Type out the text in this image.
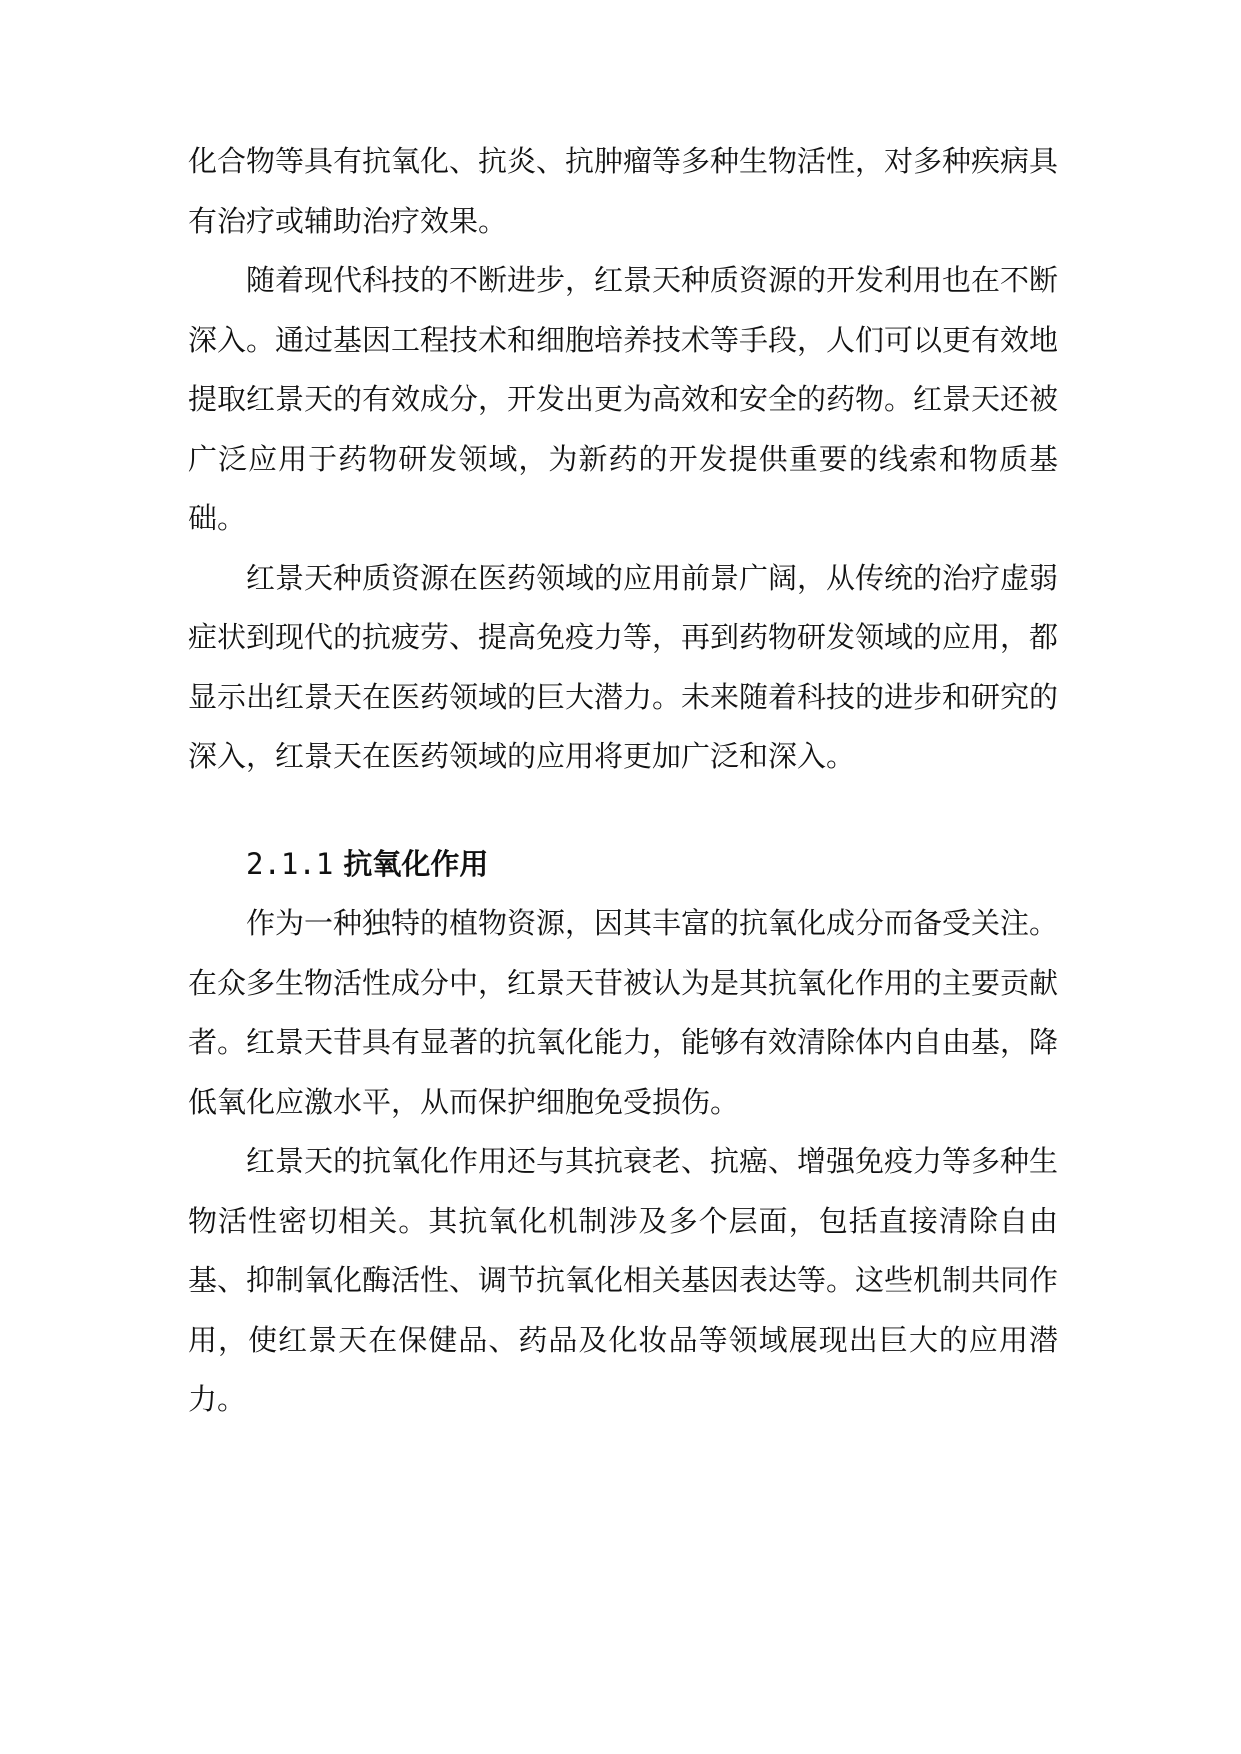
化合物等具有抗氧化、抗炎、抗肿瘤等多种生物活性，对多种疾病具有治疗或辅助治疗效果。

随着现代科技的不断进步，红景天种质资源的开发利用也在不断深入。通过基因工程技术和细胞培养技术等手段，人们可以更有效地提取红景天的有效成分，开发出更为高效和安全的药物。红景天还被广泛应用于药物研发领域，为新药的开发提供重要的线索和物质基础。

红景天种质资源在医药领域的应用前景广阔，从传统的治疗虚弱症状到现代的抗疲劳、提高免疫力等，再到药物研发领域的应用，都显示出红景天在医药领域的巨大潜力。未来随着科技的进步和研究的深入，红景天在医药领域的应用将更加广泛和深入。

2.1.1 抗氧化作用

作为一种独特的植物资源，因其丰富的抗氧化成分而备受关注。在众多生物活性成分中，红景天苷被认为是其抗氧化作用的主要贡献者。红景天苷具有显著的抗氧化能力，能够有效清除体内自由基，降低氧化应激水平，从而保护细胞免受损伤。

红景天的抗氧化作用还与其抗衰老、抗癌、增强免疫力等多种生物活性密切相关。其抗氧化机制涉及多个层面，包括直接清除自由基、抑制氧化酶活性、调节抗氧化相关基因表达等。这些机制共同作用，使红景天在保健品、药品及化妆品等领域展现出巨大的应用潜力。
